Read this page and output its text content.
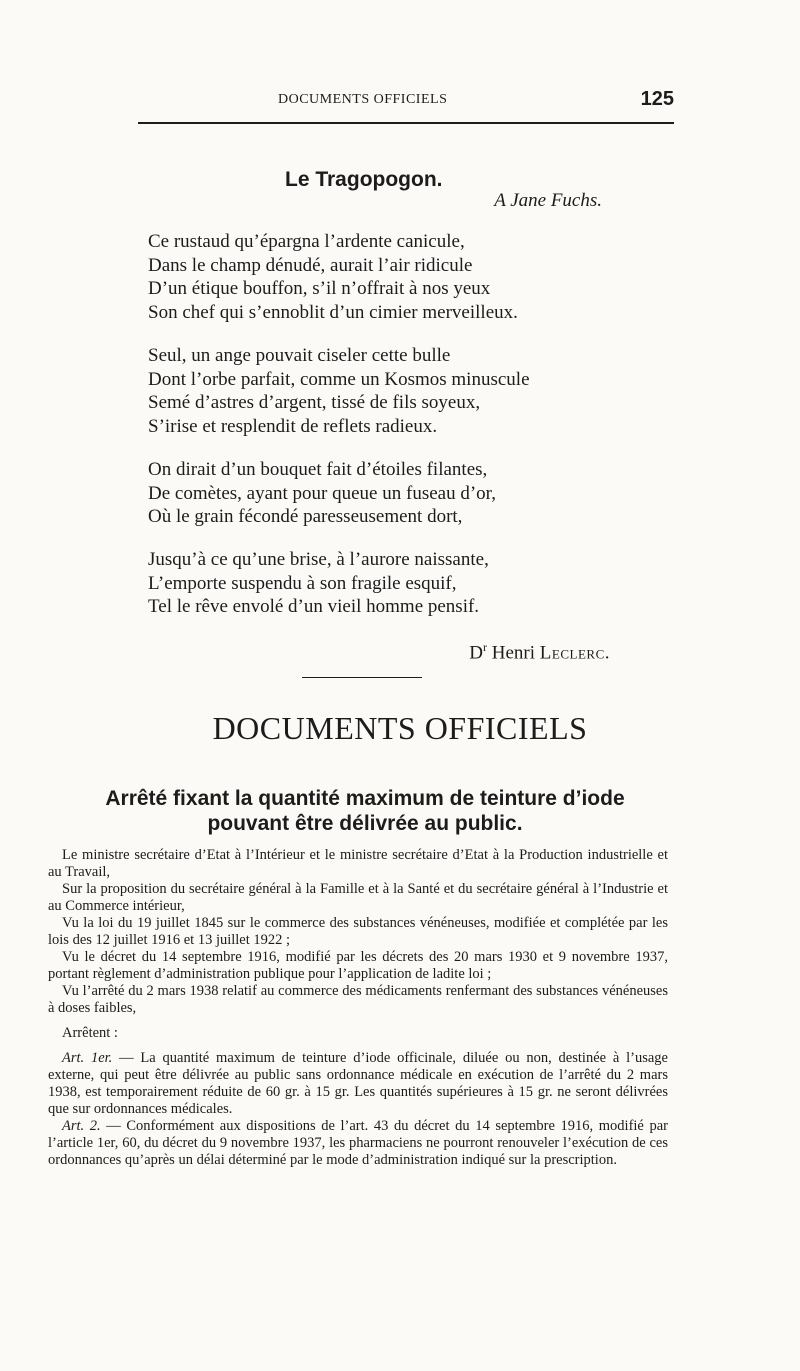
DOCUMENTS OFFICIELS	125
Le Tragopogon.
A Jane Fuchs.
Ce rustaud qu’épargna l’ardente canicule,
Dans le champ dénudé, aurait l’air ridicule
D’un étique bouffon, s’il n’offrait à nos yeux
Son chef qui s’ennoblit d’un cimier merveilleux.
Seul, un ange pouvait ciseler cette bulle
Dont l’orbe parfait, comme un Kosmos minuscule
Semé d’astres d’argent, tissé de fils soyeux,
S’irise et resplendit de reflets radieux.
On dirait d’un bouquet fait d’étoiles filantes,
De comètes, ayant pour queue un fuseau d’or,
Où le grain fécondé paresseusement dort,
Jusqu’à ce qu’une brise, à l’aurore naissante,
L’emporte suspendu à son fragile esquif,
Tel le rêve envolé d’un vieil homme pensif.
$D^r$ Henri Leclerc.
DOCUMENTS OFFICIELS
Arrêté fixant la quantité maximum de teinture d’iode
pouvant être délivrée au public.

Le ministre secrétaire d’Etat à l’Intérieur et le ministre secrétaire d’Etat à la Production industrielle et au Travail,

Sur la proposition du secrétaire général à la Famille et à la Santé et du secrétaire général à l’Industrie et au Commerce intérieur,

Vu la loi du 19 juillet 1845 sur le commerce des substances vénéneuses, modifiée et complétée par les lois des 12 juillet 1916 et 13 juillet 1922 ;

Vu le décret du 14 septembre 1916, modifié par les décrets des 20 mars 1930 et 9 novembre 1937, portant règlement d’administration publique pour l’application de ladite loi ;

Vu l’arrêté du 2 mars 1938 relatif au commerce des médicaments renfermant des substances vénéneuses à doses faibles,

Arrêtent :

Art. 1er. — La quantité maximum de teinture d’iode officinale, diluée ou non, destinée à l’usage externe, qui peut être délivrée au public sans ordonnance médicale en exécution de l’arrêté du 2 mars 1938, est temporairement réduite de 60 gr. à 15 gr. Les quantités supérieures à 15 gr. ne seront délivrées que sur ordonnances médicales.

Art. 2. — Conformément aux dispositions de l’art. 43 du décret du 14 septembre 1916, modifié par l’article 1er, 60, du décret du 9 novembre 1937, les pharmaciens ne pourront renouveler l’exécution de ces ordonnances qu’après un délai déterminé par le mode d’administration indiqué sur la prescription.
